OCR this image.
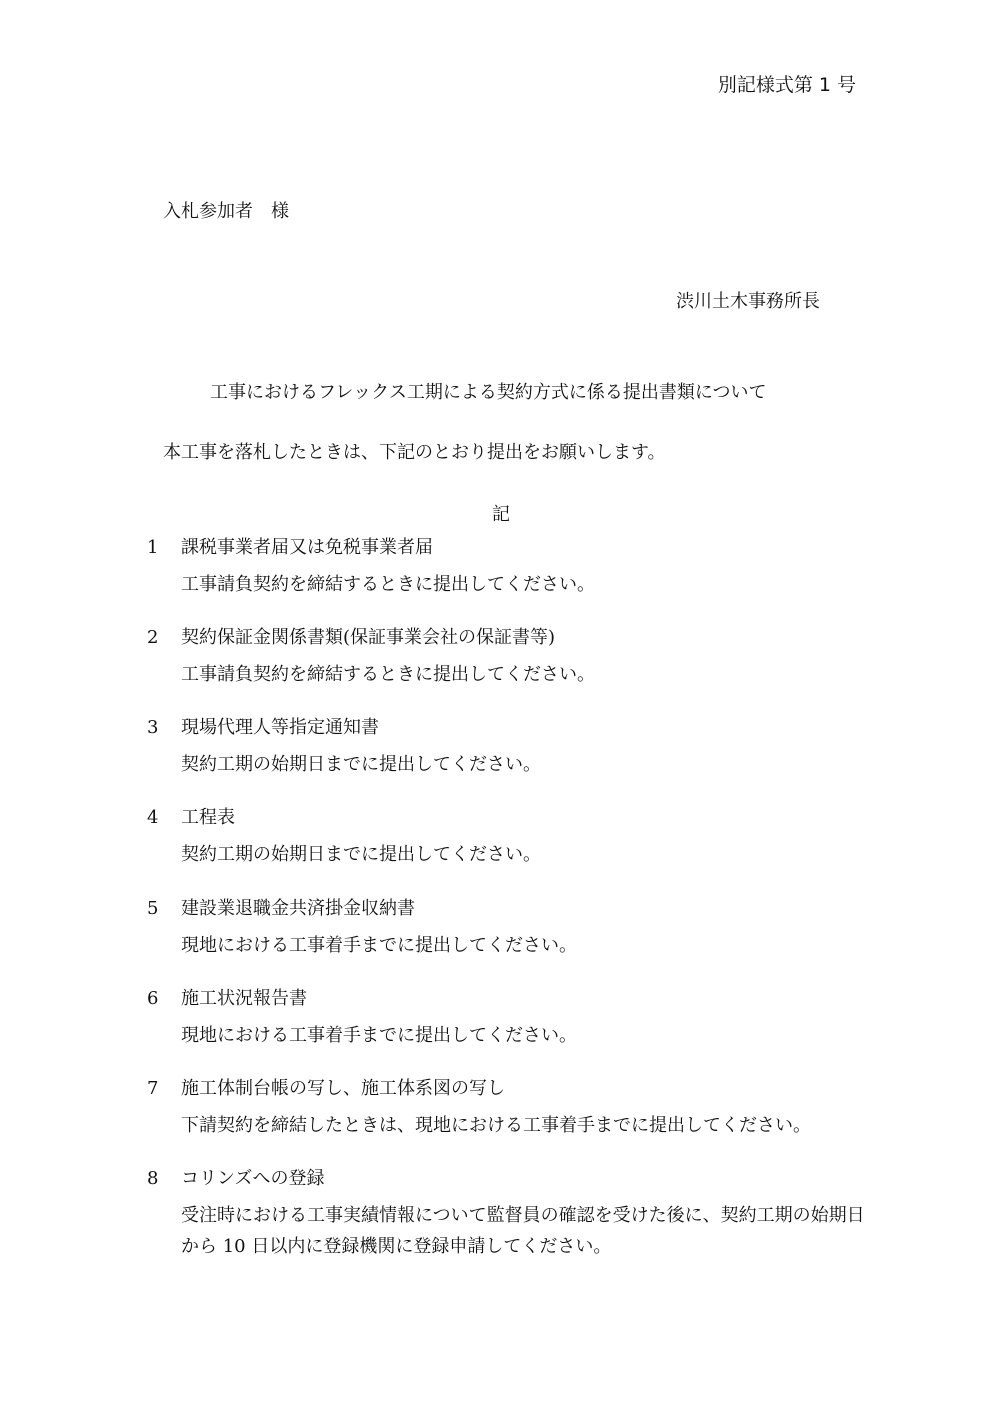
別記様式第 1 号
入札参加者　様
渋川土木事務所長
工事におけるフレックス工期による契約方式に係る提出書類について
本工事を落札したときは、下記のとおり提出をお願いします。
記
1	課税事業者届又は免税事業者届
工事請負契約を締結するときに提出してください。
2	契約保証金関係書類(保証事業会社の保証書等)
工事請負契約を締結するときに提出してください。
3	現場代理人等指定通知書
契約工期の始期日までに提出してください。
4	工程表
契約工期の始期日までに提出してください。
5	建設業退職金共済掛金収納書
現地における工事着手までに提出してください。
6	施工状況報告書
現地における工事着手までに提出してください。
7	施工体制台帳の写し、施工体系図の写し
下請契約を締結したときは、現地における工事着手までに提出してください。
8	コリンズへの登録
受注時における工事実績情報について監督員の確認を受けた後に、契約工期の始期日から 10 日以内に登録機関に登録申請してください。
